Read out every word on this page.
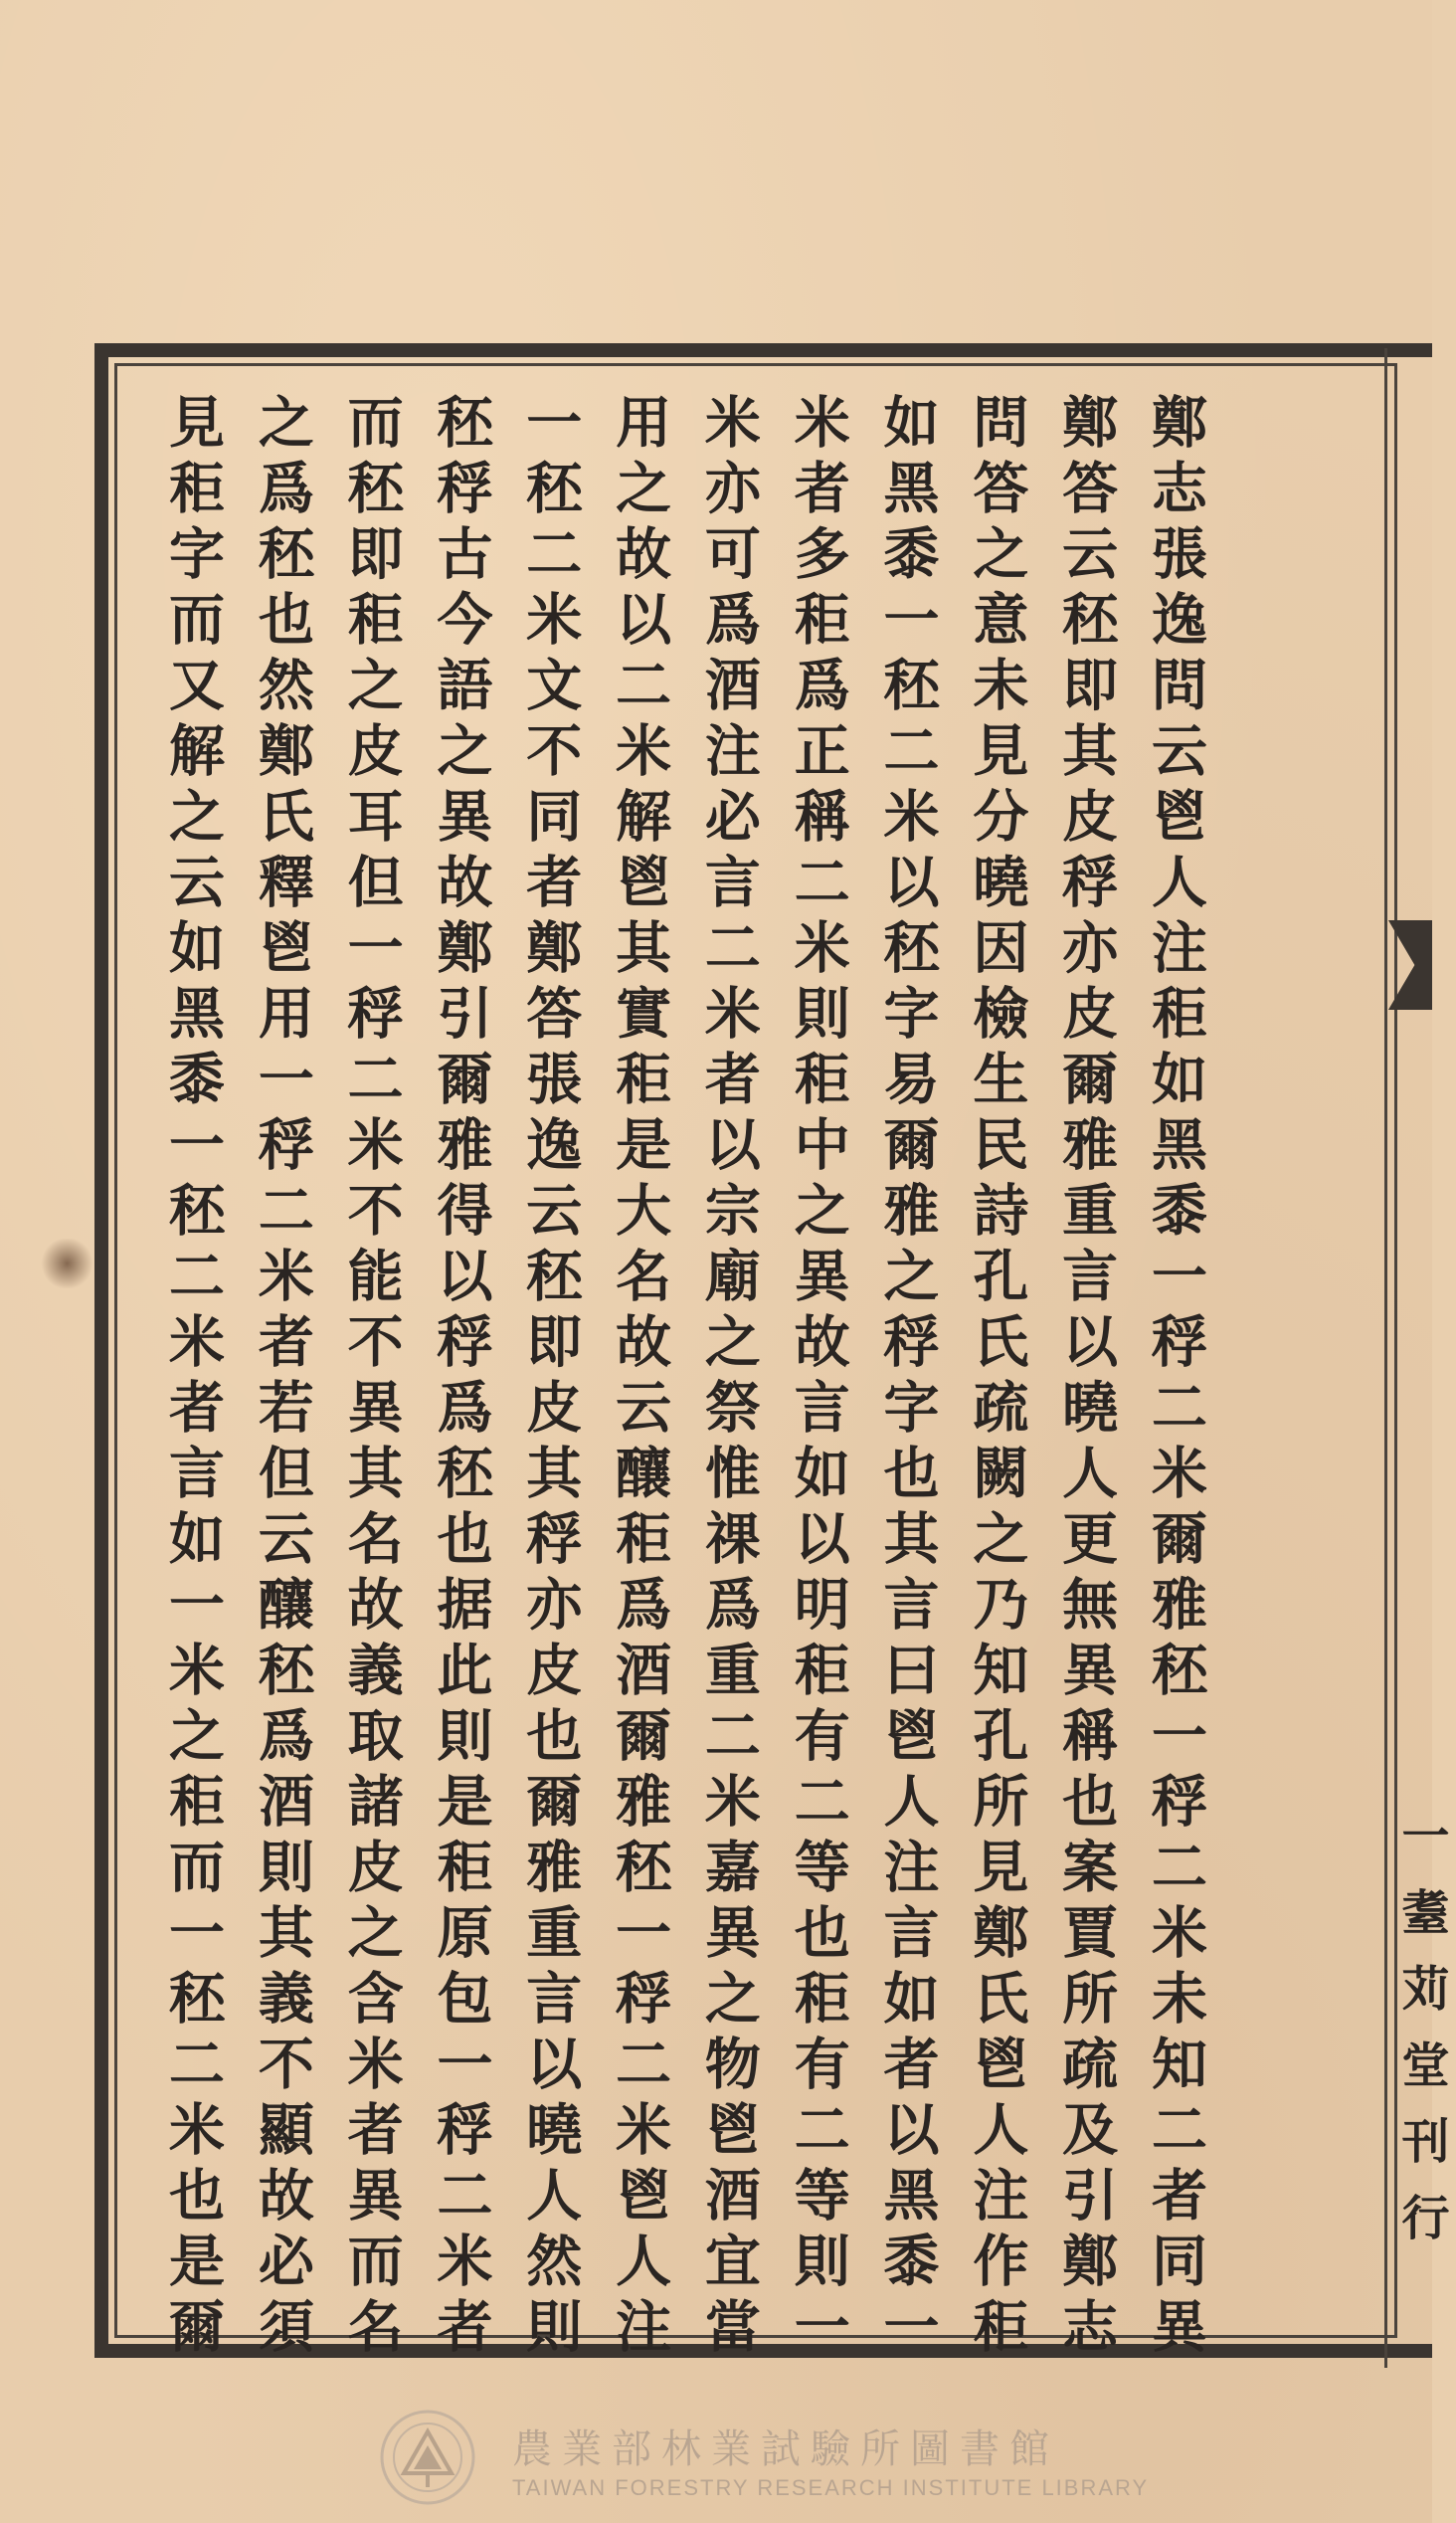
鄭志張逸問云鬯人注秬如黑黍一稃二米爾雅秠一稃二米未知二者同異
鄭答云秠即其皮稃亦皮爾雅重言以曉人更無異稱也案賈所疏及引鄭志
問答之意未見分曉因檢生民詩孔氏疏闕之乃知孔所見鄭氏鬯人注作秬
如黑黍一秠二米以秠字易爾雅之稃字也其言曰鬯人注言如者以黑黍一
米者多秬爲正稱二米則秬中之異故言如以明秬有二等也秬有二等則一
米亦可爲酒注必言二米者以宗廟之祭惟祼爲重二米嘉異之物鬯酒宜當
用之故以二米解鬯其實秬是大名故云釀秬爲酒爾雅秠一稃二米鬯人注
一秠二米文不同者鄭答張逸云秠即皮其稃亦皮也爾雅重言以曉人然則
秠稃古今語之異故鄭引爾雅得以稃爲秠也据此則是秬原包一稃二米者
而秠即秬之皮耳但一稃二米不能不異其名故義取諸皮之含米者異而名
之爲秠也然鄭氏釋鬯用一稃二米者若但云釀秠爲酒則其義不顯故必須
見秬字而又解之云如黑黍一秠二米者言如一米之秬而一秠二米也是爾	一 耋 苅 堂 刊 行
農業部林業試驗所圖書館
TAIWAN FORESTRY RESEARCH INSTITUTE LIBRARY
